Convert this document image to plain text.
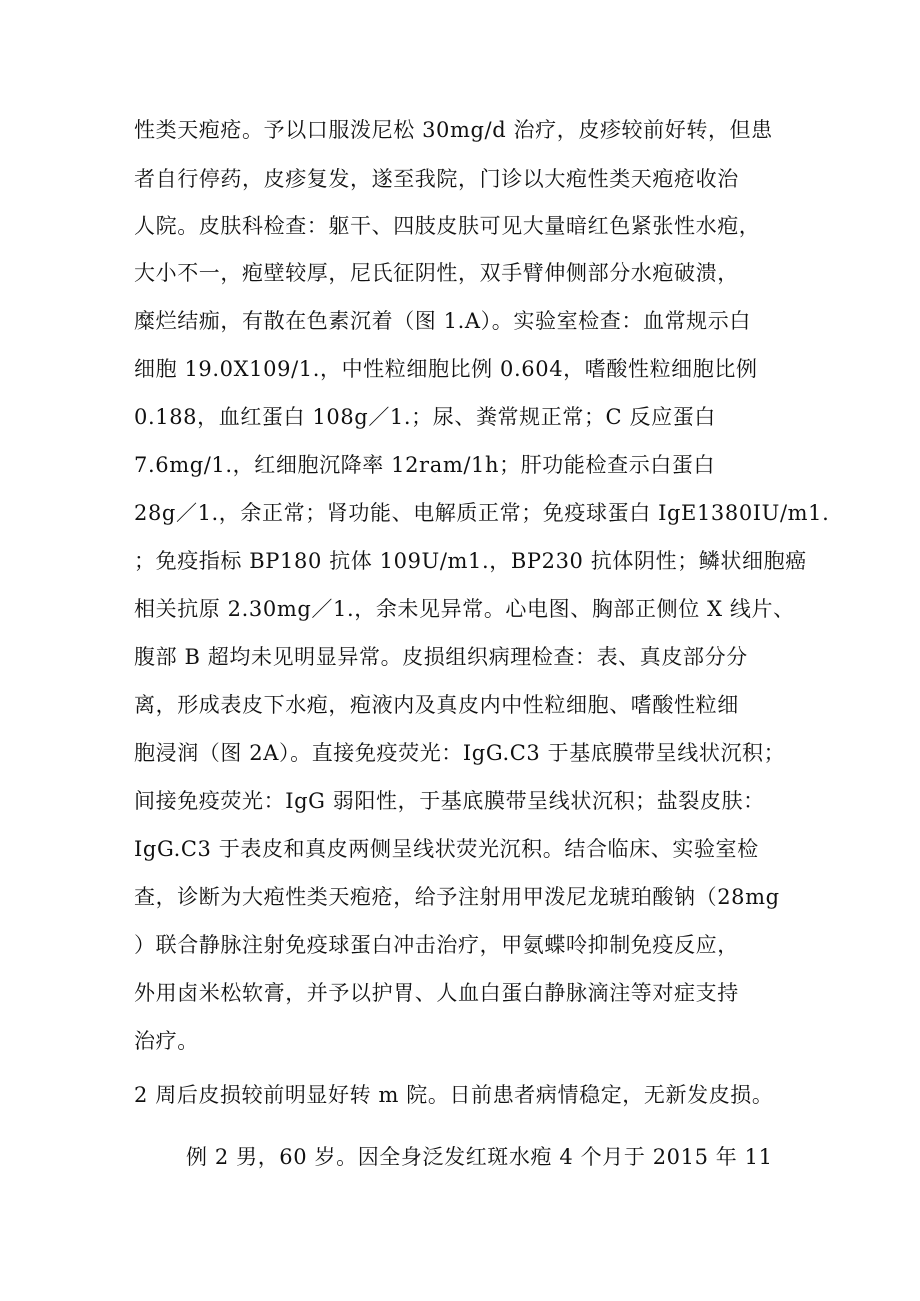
性类天疱疮。予以口服泼尼松 30mg/d 治疗，皮疹较前好转，但患
者自行停药，皮疹复发，遂至我院，门诊以大疱性类天疱疮收治
人院。皮肤科检查：躯干、四肢皮肤可见大量暗红色紧张性水疱，
大小不一，疱壁较厚，尼氏征阴性，双手臂伸侧部分水疱破溃，
糜烂结痂，有散在色素沉着（图 1.A）。实验室检查：血常规示白
细胞 19.0X109/1.，中性粒细胞比例 0.604，嗜酸性粒细胞比例
0.188，血红蛋白 108g／1.；尿、粪常规正常；C 反应蛋白
7.6mg/1.，红细胞沉降率 12ram/1h；肝功能检查示白蛋白
28g／1.，余正常；肾功能、电解质正常；免疫球蛋白 IgE1380IU/m1.
；免疫指标 BP180 抗体 109U/m1.，BP230 抗体阴性；鳞状细胞癌
相关抗原 2.30mg／1.，余未见异常。心电图、胸部正侧位 X 线片、
腹部 B 超均未见明显异常。皮损组织病理检查：表、真皮部分分
离，形成表皮下水疱，疱液内及真皮内中性粒细胞、嗜酸性粒细
胞浸润（图 2A）。直接免疫荧光：IgG.C3 于基底膜带呈线状沉积；
间接免疫荧光：IgG 弱阳性，于基底膜带呈线状沉积；盐裂皮肤：
IgG.C3 于表皮和真皮两侧呈线状荧光沉积。结合临床、实验室检
查，诊断为大疱性类天疱疮，给予注射用甲泼尼龙琥珀酸钠（28mg
）联合静脉注射免疫球蛋白冲击治疗，甲氨蝶呤抑制免疫反应，
外用卤米松软膏，并予以护胃、人血白蛋白静脉滴注等对症支持
治疗。
2 周后皮损较前明显好转 m 院。日前患者病情稳定，无新发皮损。
例 2 男，60 岁。因全身泛发红斑水疱 4 个月于 2015 年 11
